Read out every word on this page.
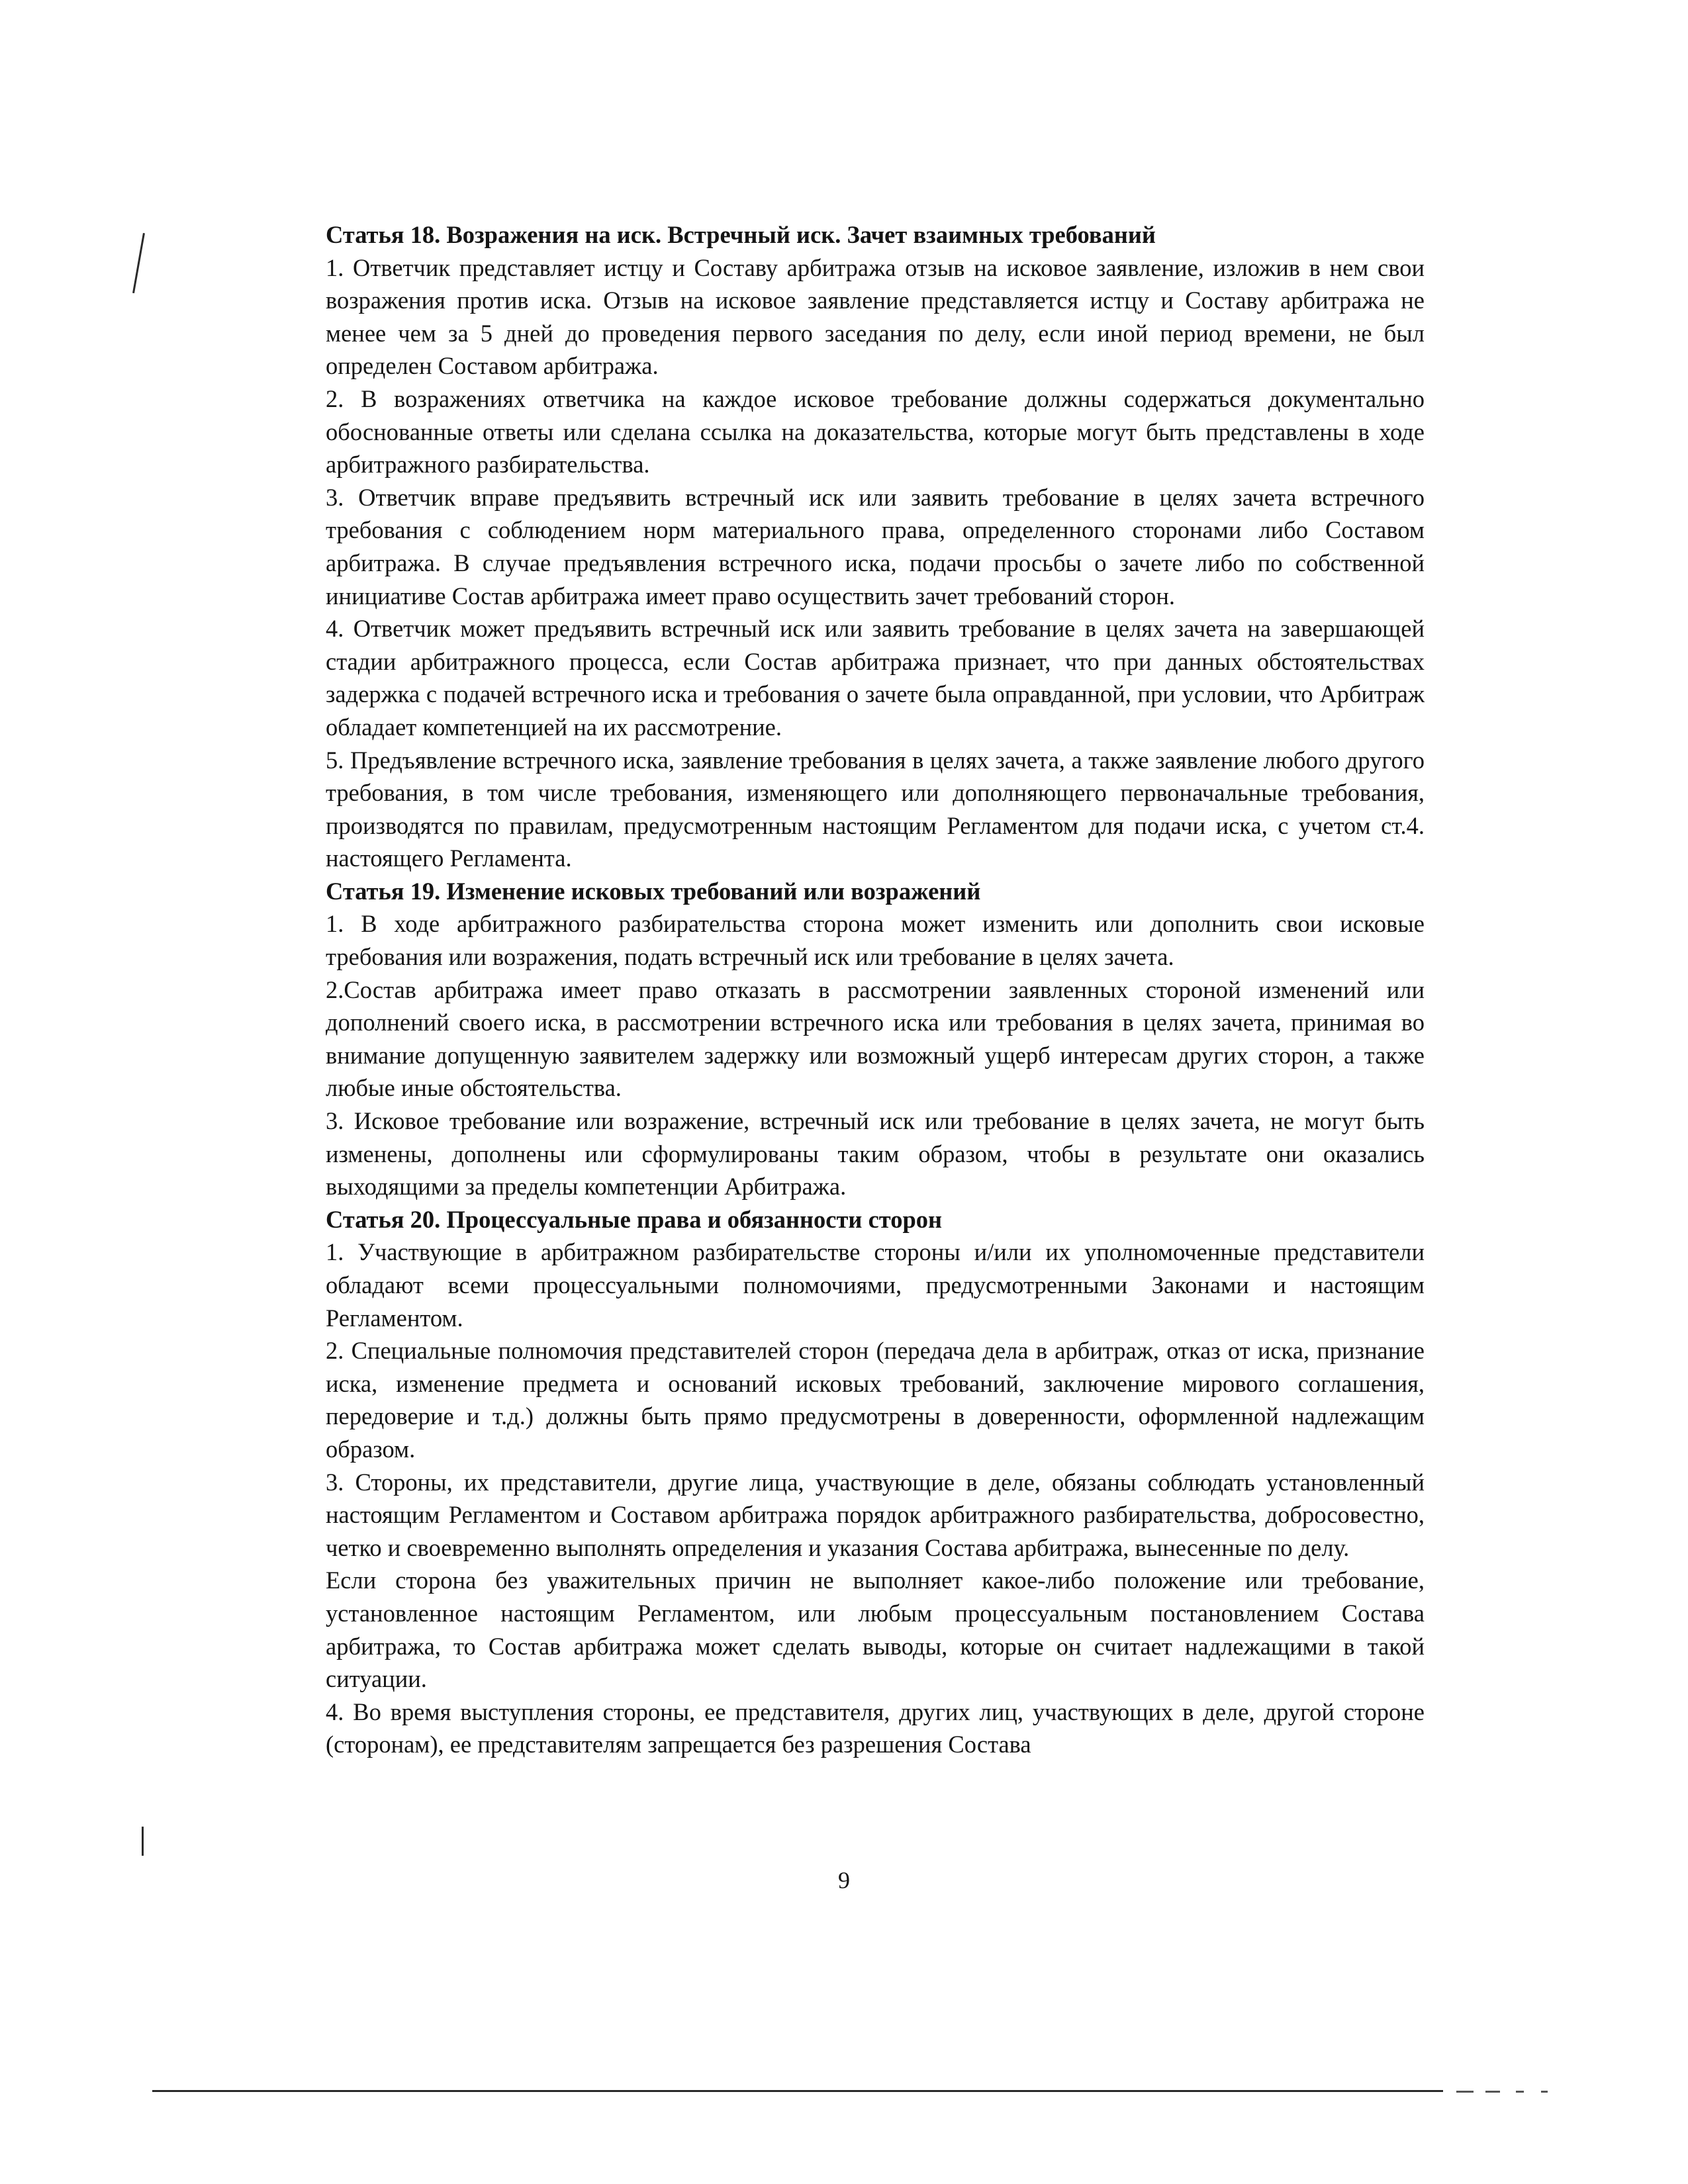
Статья 18. Возражения на иск. Встречный иск. Зачет взаимных требований

1. Ответчик представляет истцу и Составу арбитража отзыв на исковое заявление, изложив в нем свои возражения против иска. Отзыв на исковое заявление представляется истцу и Составу арбитража не менее чем за 5 дней до проведения первого заседания по делу, если иной период времени, не был определен Составом арбитража.

2. В возражениях ответчика на каждое исковое требование должны содержаться документально обоснованные ответы или сделана ссылка на доказательства, которые могут быть представлены в ходе арбитражного разбирательства.

3. Ответчик вправе предъявить встречный иск или заявить требование в целях зачета встречного требования с соблюдением норм материального права, определенного сторонами либо Составом арбитража. В случае предъявления встречного иска, подачи просьбы о зачете либо по собственной инициативе Состав арбитража имеет право осуществить зачет требований сторон.

4. Ответчик может предъявить встречный иск или заявить требование в целях зачета на завершающей стадии арбитражного процесса, если Состав арбитража признает, что при данных обстоятельствах задержка с подачей встречного иска и требования о зачете была оправданной, при условии, что Арбитраж обладает компетенцией на их рассмотрение.

5. Предъявление встречного иска, заявление требования в целях зачета, а также заявление любого другого требования, в том числе требования, изменяющего или дополняющего первоначальные требования, производятся по правилам, предусмотренным настоящим Регламентом для подачи иска, с учетом ст.4. настоящего Регламента.

Статья 19. Изменение исковых требований или возражений

1. В ходе арбитражного разбирательства сторона может изменить или дополнить свои исковые требования или возражения, подать встречный иск или требование в целях зачета.

2.Состав арбитража имеет право отказать в рассмотрении заявленных стороной изменений или дополнений своего иска, в рассмотрении встречного иска или требования в целях зачета, принимая во внимание допущенную заявителем задержку или возможный ущерб интересам других сторон, а также любые иные обстоятельства.

3. Исковое требование или возражение, встречный иск или требование в целях зачета, не могут быть изменены, дополнены или сформулированы таким образом, чтобы в результате они оказались выходящими за пределы компетенции Арбитража.

Статья 20. Процессуальные права и обязанности сторон

1. Участвующие в арбитражном разбирательстве стороны и/или их уполномоченные представители обладают всеми процессуальными полномочиями, предусмотренными Законами и настоящим Регламентом.

2. Специальные полномочия представителей сторон (передача дела в арбитраж, отказ от иска, признание иска, изменение предмета и оснований исковых требований, заключение мирового соглашения, передоверие и т.д.) должны быть прямо предусмотрены в доверенности, оформленной надлежащим образом.

3. Стороны, их представители, другие лица, участвующие в деле, обязаны соблюдать установленный настоящим Регламентом и Составом арбитража порядок арбитражного разбирательства, добросовестно, четко и своевременно выполнять определения и указания Состава арбитража, вынесенные по делу.

Если сторона без уважительных причин не выполняет какое-либо положение или требование, установленное настоящим Регламентом, или любым процессуальным постановлением Состава арбитража, то Состав арбитража может сделать выводы, которые он считает надлежащими в такой ситуации.

4. Во время выступления стороны, ее представителя, других лиц, участвующих в деле, другой стороне (сторонам), ее представителям запрещается без разрешения Состава

9
